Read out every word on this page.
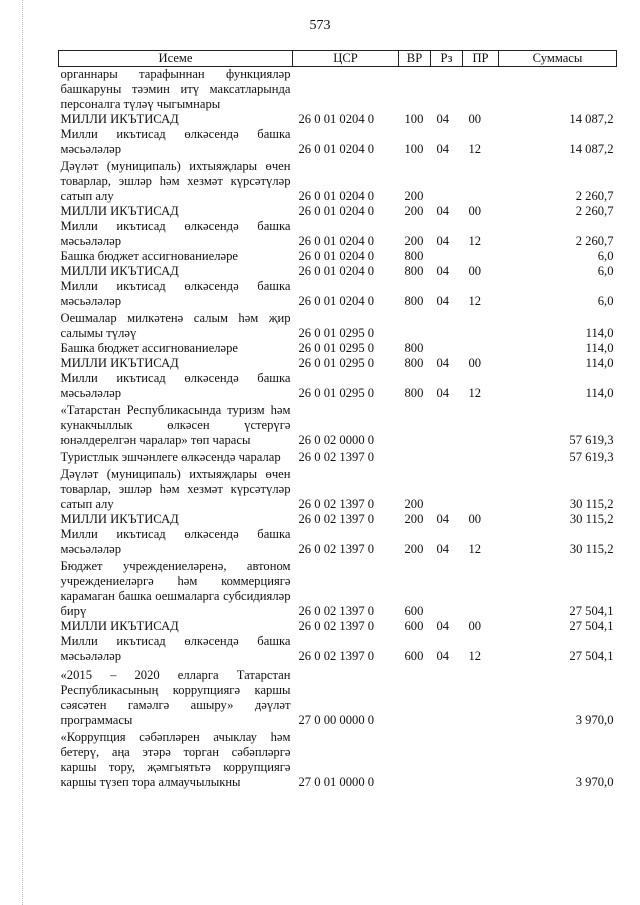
573
Исеме	ЦСР	ВР	Рз	ПР	Суммасы
органнары тарафыннан функцияләр башкаруны тәэмин итү максатларында персоналга түләү чыгымнары					
МИЛЛИ ИКЪТИСАД	26 0 01 0204 0	100	04	00	14 087,2
Милли икътисад өлкәсендә башка мәсьәләләр	26 0 01 0204 0	100	04	12	14 087,2
Дәүләт (муниципаль) ихтыяҗлары өчен товарлар, эшләр һәм хезмәт күрсәтүләр сатып алу	26 0 01 0204 0	200			2 260,7
МИЛЛИ ИКЪТИСАД	26 0 01 0204 0	200	04	00	2 260,7
Милли икътисад өлкәсендә башка мәсьәләләр	26 0 01 0204 0	200	04	12	2 260,7
Башка бюджет ассигнованиеләре	26 0 01 0204 0	800			6,0
МИЛЛИ ИКЪТИСАД	26 0 01 0204 0	800	04	00	6,0
Милли икътисад өлкәсендә башка мәсьәләләр	26 0 01 0204 0	800	04	12	6,0
Оешмалар милкәтенә салым һәм җир салымы түләү	26 0 01 0295 0				114,0
Башка бюджет ассигнованиеләре	26 0 01 0295 0	800			114,0
МИЛЛИ ИКЪТИСАД	26 0 01 0295 0	800	04	00	114,0
Милли икътисад өлкәсендә башка мәсьәләләр	26 0 01 0295 0	800	04	12	114,0
«Татарстан Республикасында туризм һәм кунакчыллык өлкәсен үстерүгә юнәлдерелгән чаралар» төп чарасы	26 0 02 0000 0				57 619,3
Туристлык эшчәнлеге өлкәсендә чаралар	26 0 02 1397 0				57 619,3
Дәүләт (муниципаль) ихтыяҗлары өчен товарлар, эшләр һәм хезмәт күрсәтүләр сатып алу	26 0 02 1397 0	200			30 115,2
МИЛЛИ ИКЪТИСАД	26 0 02 1397 0	200	04	00	30 115,2
Милли икътисад өлкәсендә башка мәсьәләләр	26 0 02 1397 0	200	04	12	30 115,2
Бюджет учреждениеләренә, автоном учреждениеләргә һәм коммерциягә карамаган башка оешмаларга субсидияләр бирү	26 0 02 1397 0	600			27 504,1
МИЛЛИ ИКЪТИСАД	26 0 02 1397 0	600	04	00	27 504,1
Милли икътисад өлкәсендә башка мәсьәләләр	26 0 02 1397 0	600	04	12	27 504,1
«2015 – 2020 елларга Татарстан Республикасының коррупциягә каршы сәясәтен гамәлгә ашыру» дәүләт программасы	27 0 00 0000 0				3 970,0
«Коррупция сәбәпләрен ачыклау һәм бетерү, аңа этәрә торган сәбәпләргә каршы тору, җәмгыятьтә коррупциягә каршы түзеп тора алмаучылыкны	27 0 01 0000 0				3 970,0
